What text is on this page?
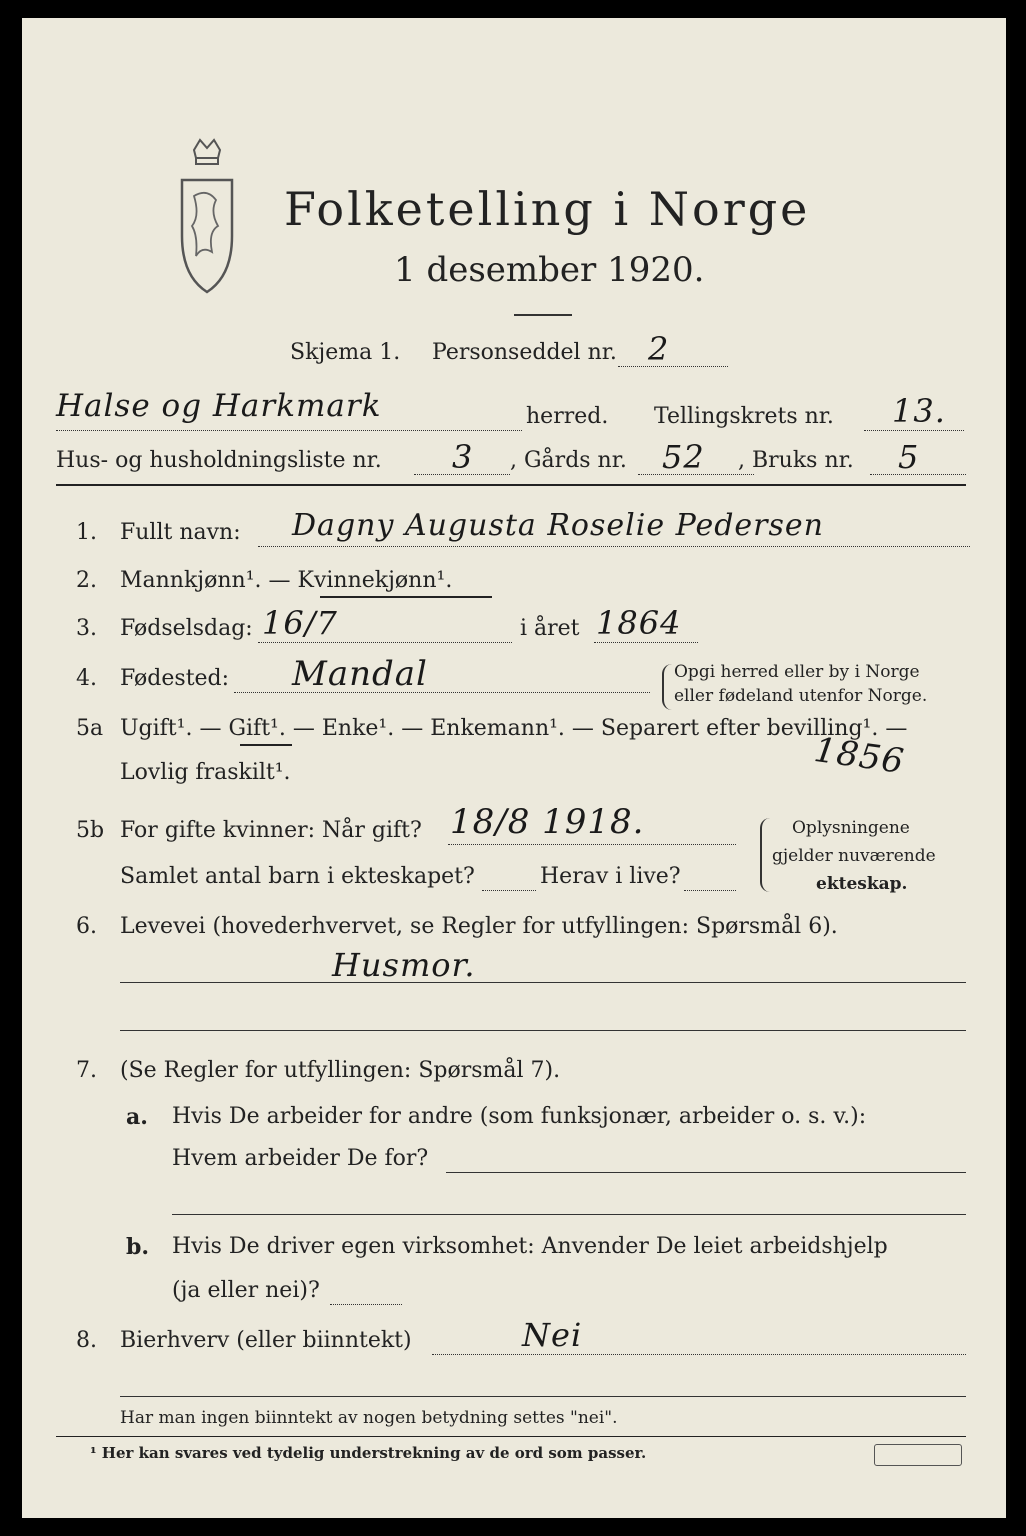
Folketelling i Norge
1 desember 1920.
Skjema 1. Personseddel nr. 2
Halse og Harkmark	herred. Tellingskrets nr. 13.
Hus- og husholdningsliste nr. 3 , Gårds nr. 52 , Bruks nr. 5
1. Fullt navn: Dagny Augusta Roselie Pedersen
2. Mannkjønn¹. — Kvinnekjønn¹.
3. Fødselsdag: 16/7	i året 1864
4. Fødested: Mandal	Opgi herred eller by i Norge
eller fødeland utenfor Norge.
5a Ugift¹. — Gift¹. — Enke¹. — Enkemann¹. — Separert efter bevilling¹. —
Lovlig fraskilt¹.	1856
5b For gifte kvinner: Når gift? 18/8 1918.
Samlet antal barn i ekteskapet?	Herav i live?
Oplysningene
gjelder nuværende
ekteskap.
6. Levevei (hovederhvervet, se Regler for utfyllingen: Spørsmål 6).
Husmor.
7. (Se Regler for utfyllingen: Spørsmål 7).
a. Hvis De arbeider for andre (som funksjonær, arbeider o. s. v.):
Hvem arbeider De for?
b. Hvis De driver egen virksomhet: Anvender De leiet arbeidshjelp
(ja eller nei)?
8. Bierhverv (eller biinntekt)	Nei
Har man ingen biinntekt av nogen betydning settes "nei".
¹ Her kan svares ved tydelig understrekning av de ord som passer.
